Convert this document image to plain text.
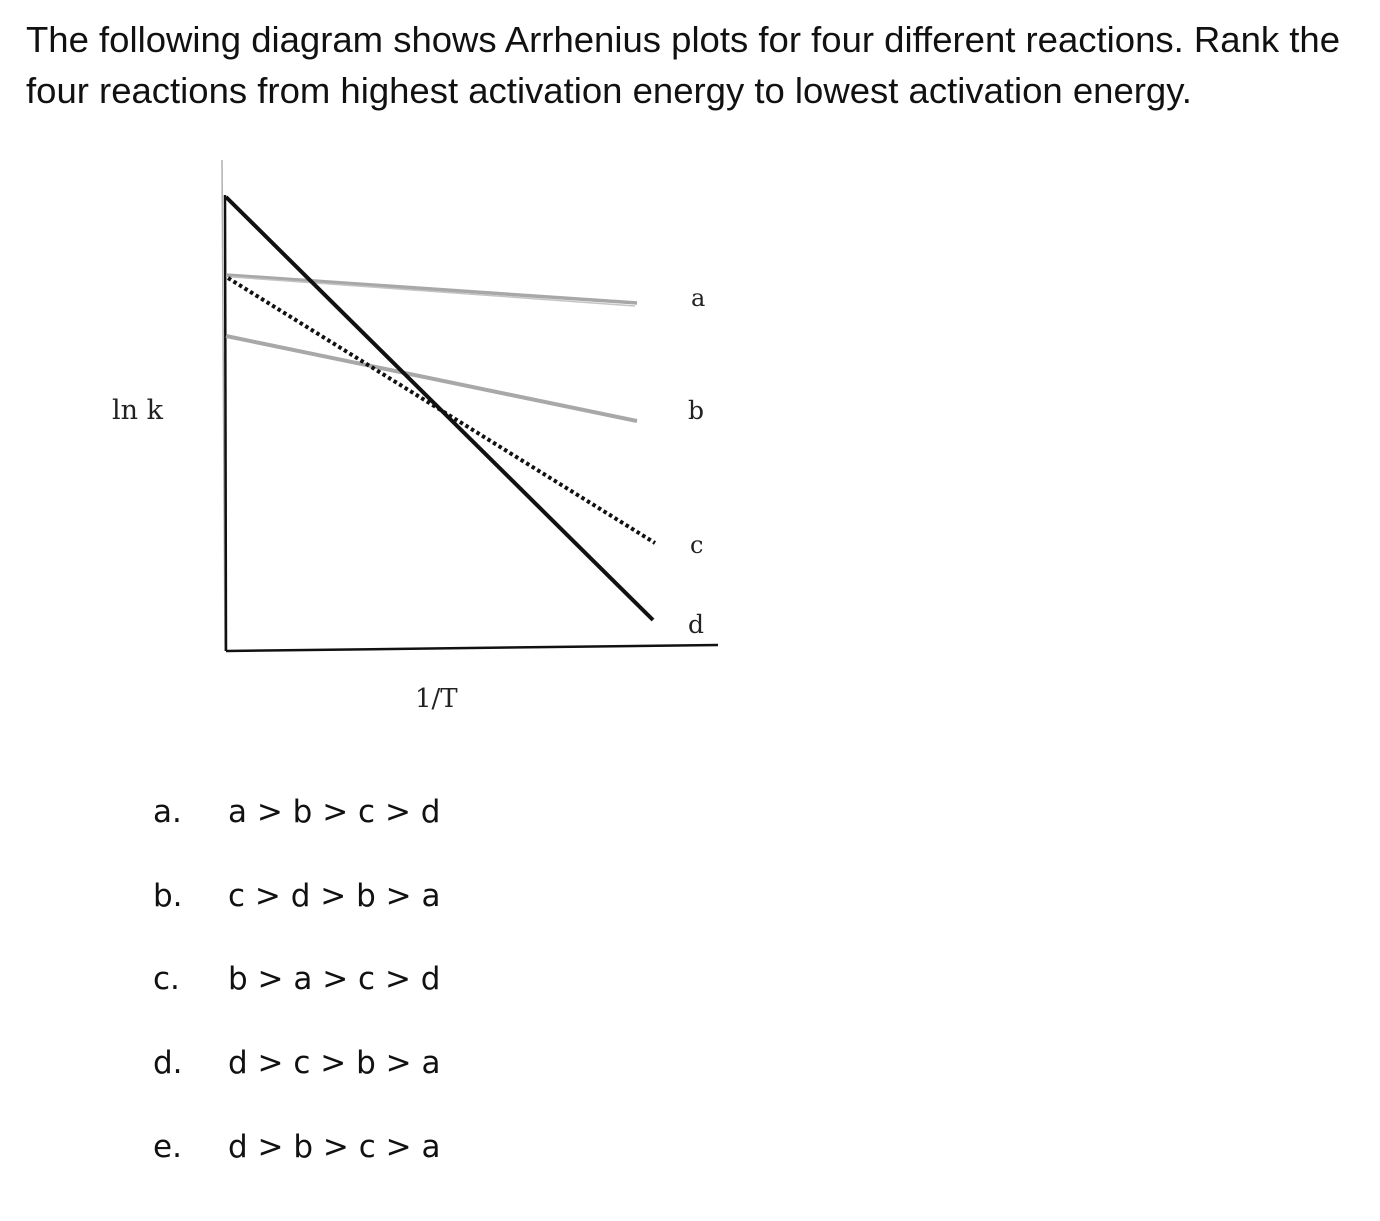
The following diagram shows Arrhenius plots for four different reactions. Rank the four reactions from highest activation energy to lowest activation energy.

ln k
1/T
a
b
c
d
a. a > b > c > d
b. c > d > b > a
c. b > a > c > d
d. d > c > b > a
e. d > b > c > a
